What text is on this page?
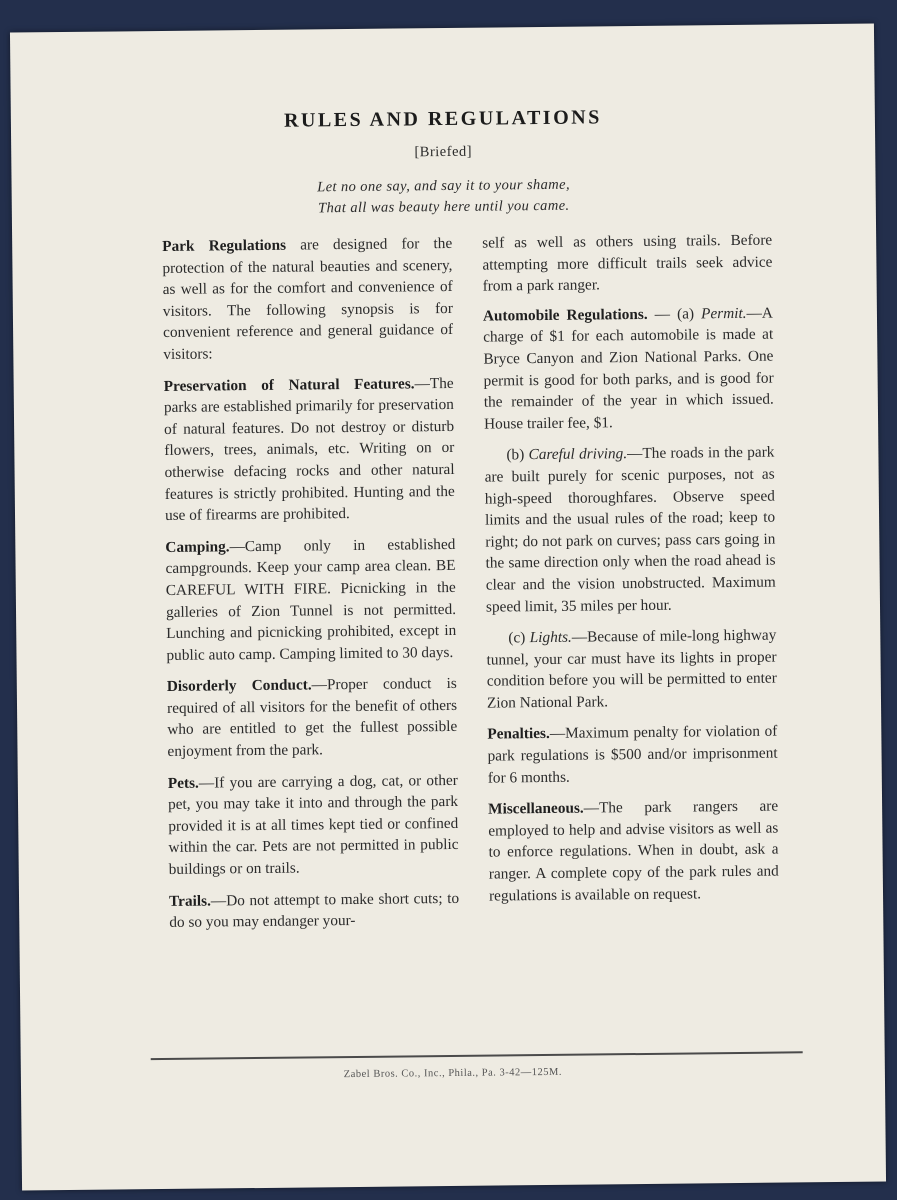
RULES AND REGULATIONS
[Briefed]
Let no one say, and say it to your shame,
That all was beauty here until you came.

Park Regulations are designed for the protection of the natural beauties and scenery, as well as for the comfort and convenience of visitors. The following synopsis is for convenient reference and general guidance of visitors:

Preservation of Natural Features.—The parks are established primarily for preservation of natural features. Do not destroy or disturb flowers, trees, animals, etc. Writing on or otherwise defacing rocks and other natural features is strictly prohibited. Hunting and the use of firearms are prohibited.

Camping.—Camp only in established campgrounds. Keep your camp area clean. BE CAREFUL WITH FIRE. Picnicking in the galleries of Zion Tunnel is not permitted. Lunching and picnicking prohibited, except in public auto camp. Camping limited to 30 days.

Disorderly Conduct.—Proper conduct is required of all visitors for the benefit of others who are entitled to get the fullest possible enjoyment from the park.

Pets.—If you are carrying a dog, cat, or other pet, you may take it into and through the park provided it is at all times kept tied or confined within the car. Pets are not permitted in public buildings or on trails.

Trails.—Do not attempt to make short cuts; to do so you may endanger your-

self as well as others using trails. Before attempting more difficult trails seek advice from a park ranger.

Automobile Regulations. — (a) Permit.—A charge of $1 for each automobile is made at Bryce Canyon and Zion National Parks. One permit is good for both parks, and is good for the remainder of the year in which issued. House trailer fee, $1.

(b) Careful driving.—The roads in the park are built purely for scenic purposes, not as high-speed thoroughfares. Observe speed limits and the usual rules of the road; keep to right; do not park on curves; pass cars going in the same direction only when the road ahead is clear and the vision unobstructed. Maximum speed limit, 35 miles per hour.

(c) Lights.—Because of mile-long highway tunnel, your car must have its lights in proper condition before you will be permitted to enter Zion National Park.

Penalties.—Maximum penalty for violation of park regulations is $500 and/or imprisonment for 6 months.

Miscellaneous.—The park rangers are employed to help and advise visitors as well as to enforce regulations. When in doubt, ask a ranger. A complete copy of the park rules and regulations is available on request.

Zabel Bros. Co., Inc., Phila., Pa. 3-42—125M.
